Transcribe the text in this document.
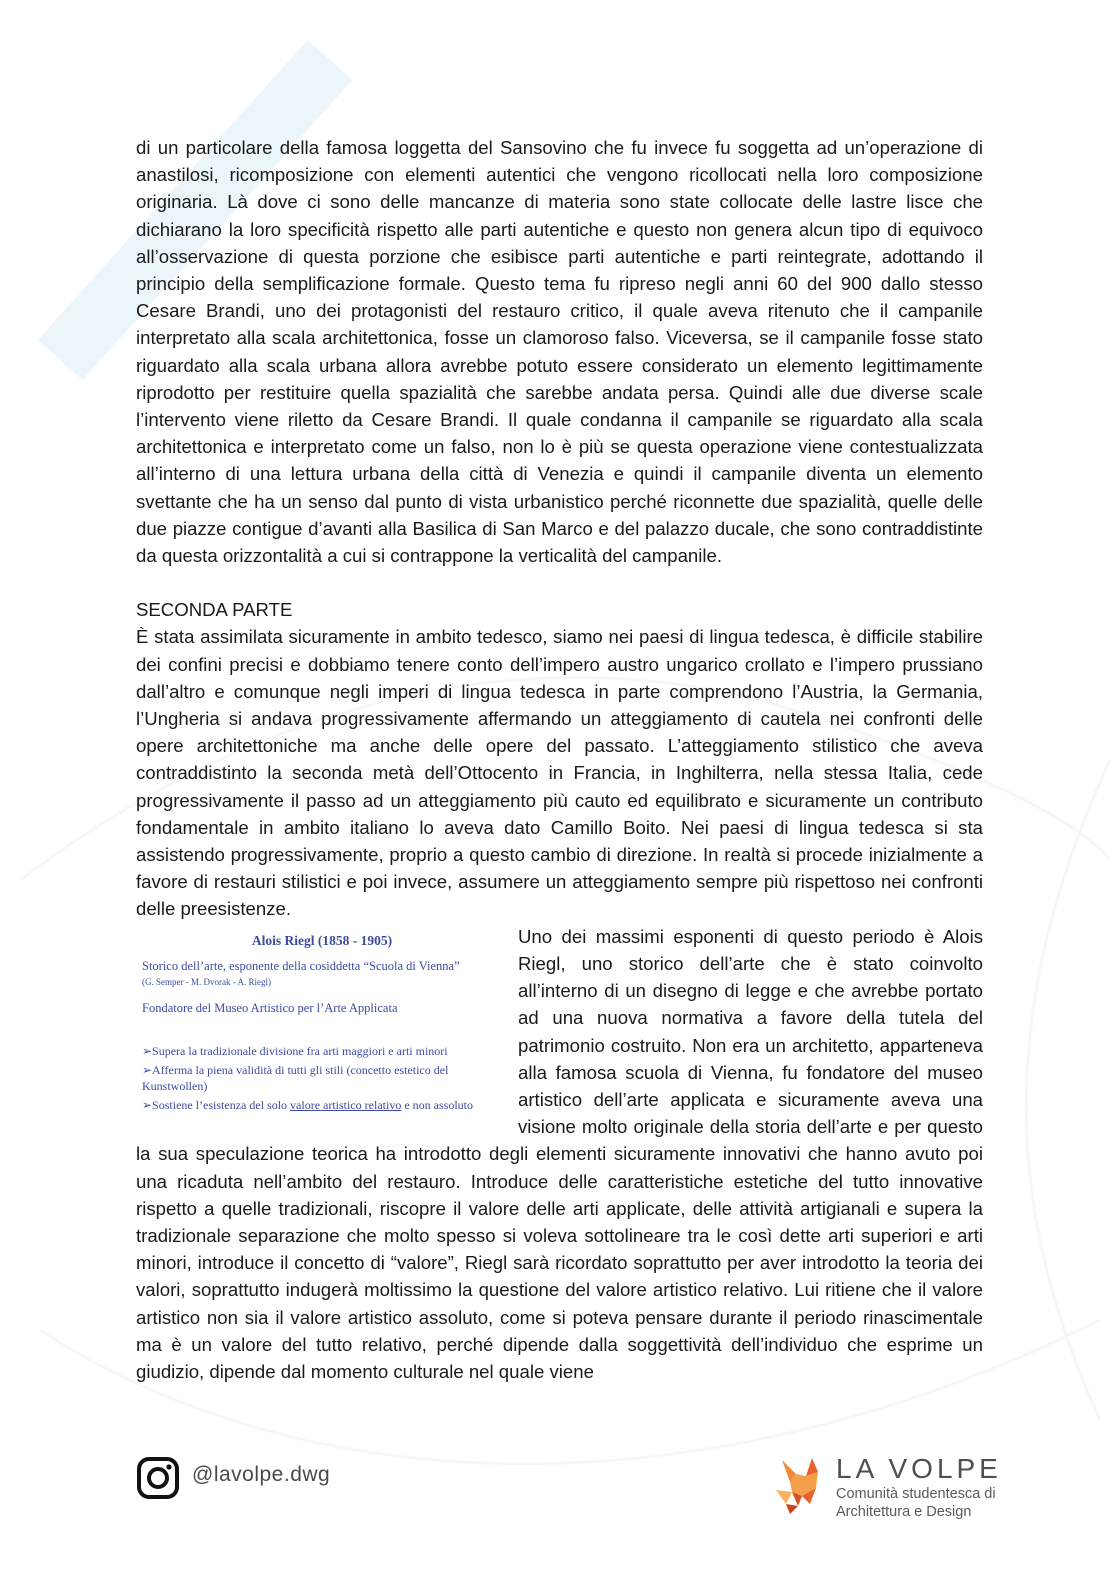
di un particolare della famosa loggetta del Sansovino che fu invece fu soggetta ad un’operazione di anastilosi, ricomposizione con elementi autentici che vengono ricollocati nella loro composizione originaria. Là dove ci sono delle mancanze di materia sono state collocate delle lastre lisce che dichiarano la loro specificità rispetto alle parti autentiche e questo non genera alcun tipo di equivoco all’osservazione di questa porzione che esibisce parti autentiche e parti reintegrate, adottando il principio della semplificazione formale. Questo tema fu ripreso negli anni 60 del 900 dallo stesso Cesare Brandi, uno dei protagonisti del restauro critico, il quale aveva ritenuto che il campanile interpretato alla scala architettonica, fosse un clamoroso falso. Viceversa, se il campanile fosse stato riguardato alla scala urbana allora avrebbe potuto essere considerato un elemento legittimamente riprodotto per restituire quella spazialità che sarebbe andata persa. Quindi alle due diverse scale l’intervento viene riletto da Cesare Brandi. Il quale condanna il campanile se riguardato alla scala architettonica e interpretato come un falso, non lo è più se questa operazione viene contestualizzata all’interno di una lettura urbana della città di Venezia e quindi il campanile diventa un elemento svettante che ha un senso dal punto di vista urbanistico perché riconnette due spazialità, quelle delle due piazze contigue d’avanti alla Basilica di San Marco e del palazzo ducale, che sono contraddistinte da questa orizzontalità a cui si contrappone la verticalità del campanile.

SECONDA PARTE

È stata assimilata sicuramente in ambito tedesco, siamo nei paesi di lingua tedesca, è difficile stabilire dei confini precisi e dobbiamo tenere conto dell’impero austro ungarico crollato e l’impero prussiano dall’altro e comunque negli imperi di lingua tedesca in parte comprendono l’Austria, la Germania, l’Ungheria si andava progressivamente affermando un atteggiamento di cautela nei confronti delle opere architettoniche ma anche delle opere del passato. L’atteggiamento stilistico che aveva contraddistinto la seconda metà dell’Ottocento in Francia, in Inghilterra, nella stessa Italia, cede progressivamente il passo ad un atteggiamento più cauto ed equilibrato e sicuramente un contributo fondamentale in ambito italiano lo aveva dato Camillo Boito. Nei paesi di lingua tedesca si sta assistendo progressivamente, proprio a questo cambio di direzione. In realtà si procede inizialmente a favore di restauri stilistici e poi invece, assumere un atteggiamento sempre più rispettoso nei confronti delle preesistenze.

Alois Riegl (1858 - 1905)
Storico dell’arte, esponente della cosiddetta “Scuola di Vienna”
(G. Semper - M. Dvorak - A. Riegl)
Fondatore del Museo Artistico per l’Arte Applicata
➢Supera la tradizionale divisione fra arti maggiori e arti minori
➢Afferma la piena validità di tutti gli stili (concetto estetico del Kunstwollen)
➢Sostiene l’esistenza del solo valore artistico relativo e non assoluto

Uno dei massimi esponenti di questo periodo è Alois Riegl, uno storico dell’arte che è stato coinvolto all’interno di un disegno di legge e che avrebbe portato ad una nuova normativa a favore della tutela del patrimonio costruito. Non era un architetto, apparteneva alla famosa scuola di Vienna, fu fondatore del museo artistico dell’arte applicata e sicuramente aveva una visione molto originale della storia dell’arte e per questo la sua speculazione teorica ha introdotto degli elementi sicuramente innovativi che hanno avuto poi una ricaduta nell’ambito del restauro. Introduce delle caratteristiche estetiche del tutto innovative rispetto a quelle tradizionali, riscopre il valore delle arti applicate, delle attività artigianali e supera la tradizionale separazione che molto spesso si voleva sottolineare tra le così dette arti superiori e arti minori, introduce il concetto di “valore”, Riegl sarà ricordato soprattutto per aver introdotto la teoria dei valori, soprattutto indugerà moltissimo la questione del valore artistico relativo. Lui ritiene che il valore artistico non sia il valore artistico assoluto, come si poteva pensare durante il periodo rinascimentale ma è un valore del tutto relativo, perché dipende dalla soggettività dell’individuo che esprime un giudizio, dipende dal momento culturale nel quale viene

@lavolpe.dwg	LA VOLPE
Comunità studentesca di
Architettura e Design
